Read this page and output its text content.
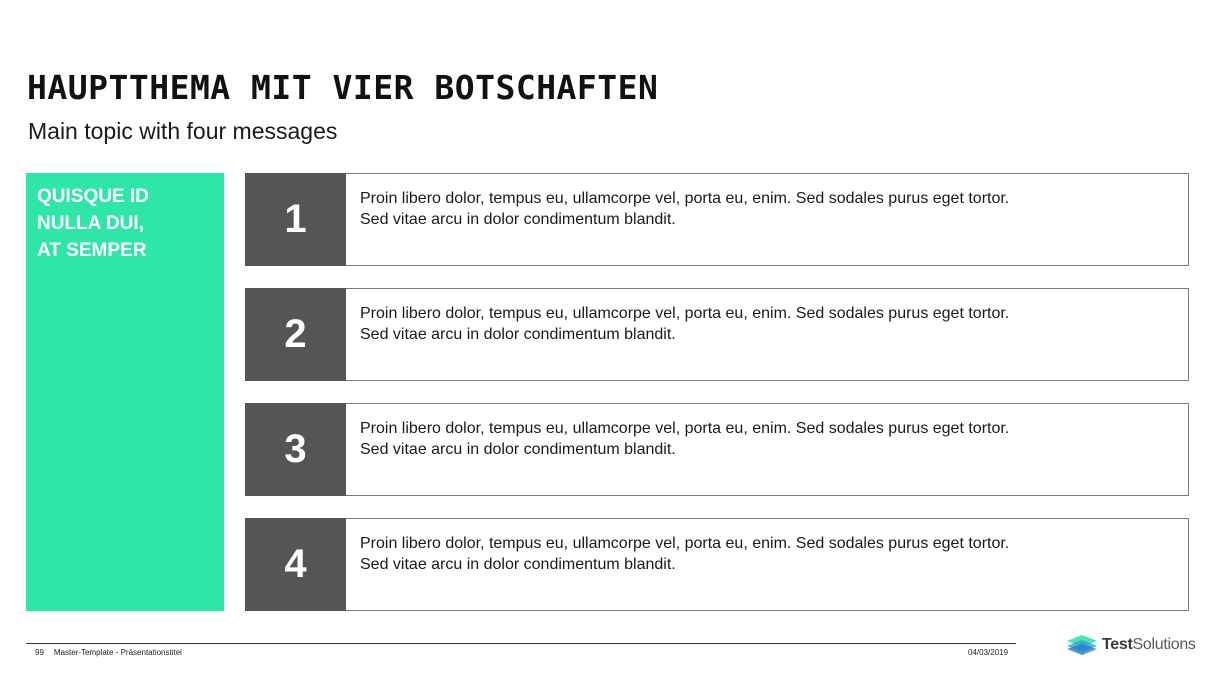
HAUPTTHEMA MIT VIER BOTSCHAFTEN

Main topic with four messages

QUISQUE ID
NULLA DUI,
AT SEMPER

1	Proin libero dolor, tempus eu, ullamcorpe vel, porta eu, enim. Sed sodales purus eget tortor.
Sed vitae arcu in dolor condimentum blandit.
2	Proin libero dolor, tempus eu, ullamcorpe vel, porta eu, enim. Sed sodales purus eget tortor.
Sed vitae arcu in dolor condimentum blandit.
3	Proin libero dolor, tempus eu, ullamcorpe vel, porta eu, enim. Sed sodales purus eget tortor.
Sed vitae arcu in dolor condimentum blandit.
4	Proin libero dolor, tempus eu, ullamcorpe vel, porta eu, enim. Sed sodales purus eget tortor.
Sed vitae arcu in dolor condimentum blandit.
99 Master-Template - Präsentationstitel	04/03/2019	TestSolutions
